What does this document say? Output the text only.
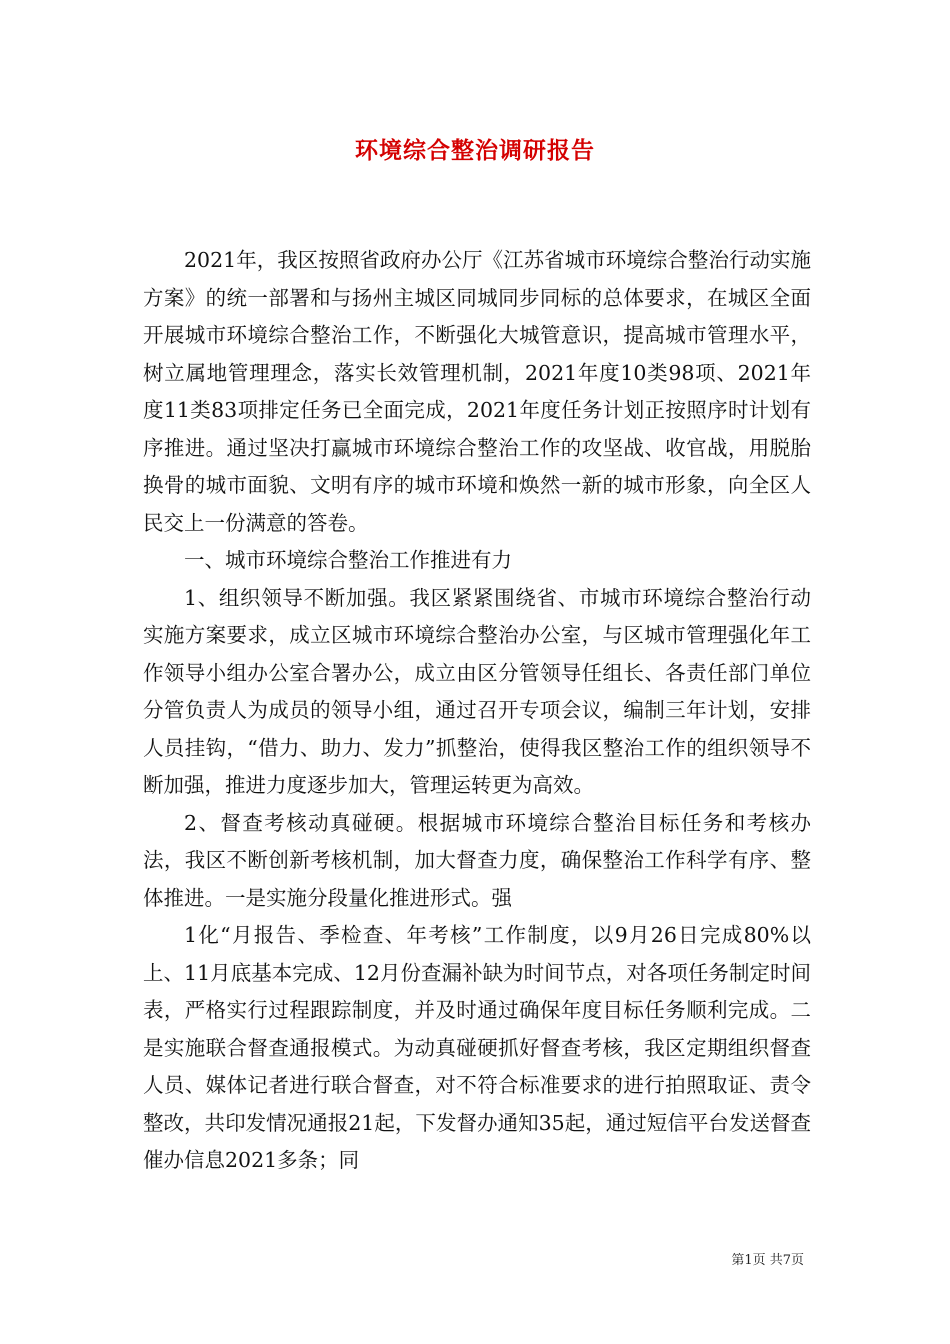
环境综合整治调研报告

2021年，我区按照省政府办公厅《江苏省城市环境综合整治行动实施方案》的统一部署和与扬州主城区同城同步同标的总体要求，在城区全面开展城市环境综合整治工作，不断强化大城管意识，提高城市管理水平，树立属地管理理念，落实长效管理机制，2021年度10类98项、2021年度11类83项排定任务已全面完成，2021年度任务计划正按照序时计划有序推进。通过坚决打赢城市环境综合整治工作的攻坚战、收官战，用脱胎换骨的城市面貌、文明有序的城市环境和焕然一新的城市形象，向全区人民交上一份满意的答卷。

一、城市环境综合整治工作推进有力

1、组织领导不断加强。我区紧紧围绕省、市城市环境综合整治行动实施方案要求，成立区城市环境综合整治办公室，与区城市管理强化年工作领导小组办公室合署办公，成立由区分管领导任组长、各责任部门单位分管负责人为成员的领导小组，通过召开专项会议，编制三年计划，安排人员挂钩，“借力、助力、发力”抓整治，使得我区整治工作的组织领导不断加强，推进力度逐步加大，管理运转更为高效。

2、督查考核动真碰硬。根据城市环境综合整治目标任务和考核办法，我区不断创新考核机制，加大督查力度，确保整治工作科学有序、整体推进。一是实施分段量化推进形式。强

1化“月报告、季检查、年考核”工作制度，以9月26日完成80%以上、11月底基本完成、12月份查漏补缺为时间节点，对各项任务制定时间表，严格实行过程跟踪制度，并及时通过确保年度目标任务顺利完成。二是实施联合督查通报模式。为动真碰硬抓好督查考核，我区定期组织督查人员、媒体记者进行联合督查，对不符合标准要求的进行拍照取证、责令整改，共印发情况通报21起，下发督办通知35起，通过短信平台发送督查催办信息2021多条；同

第1页 共7页
